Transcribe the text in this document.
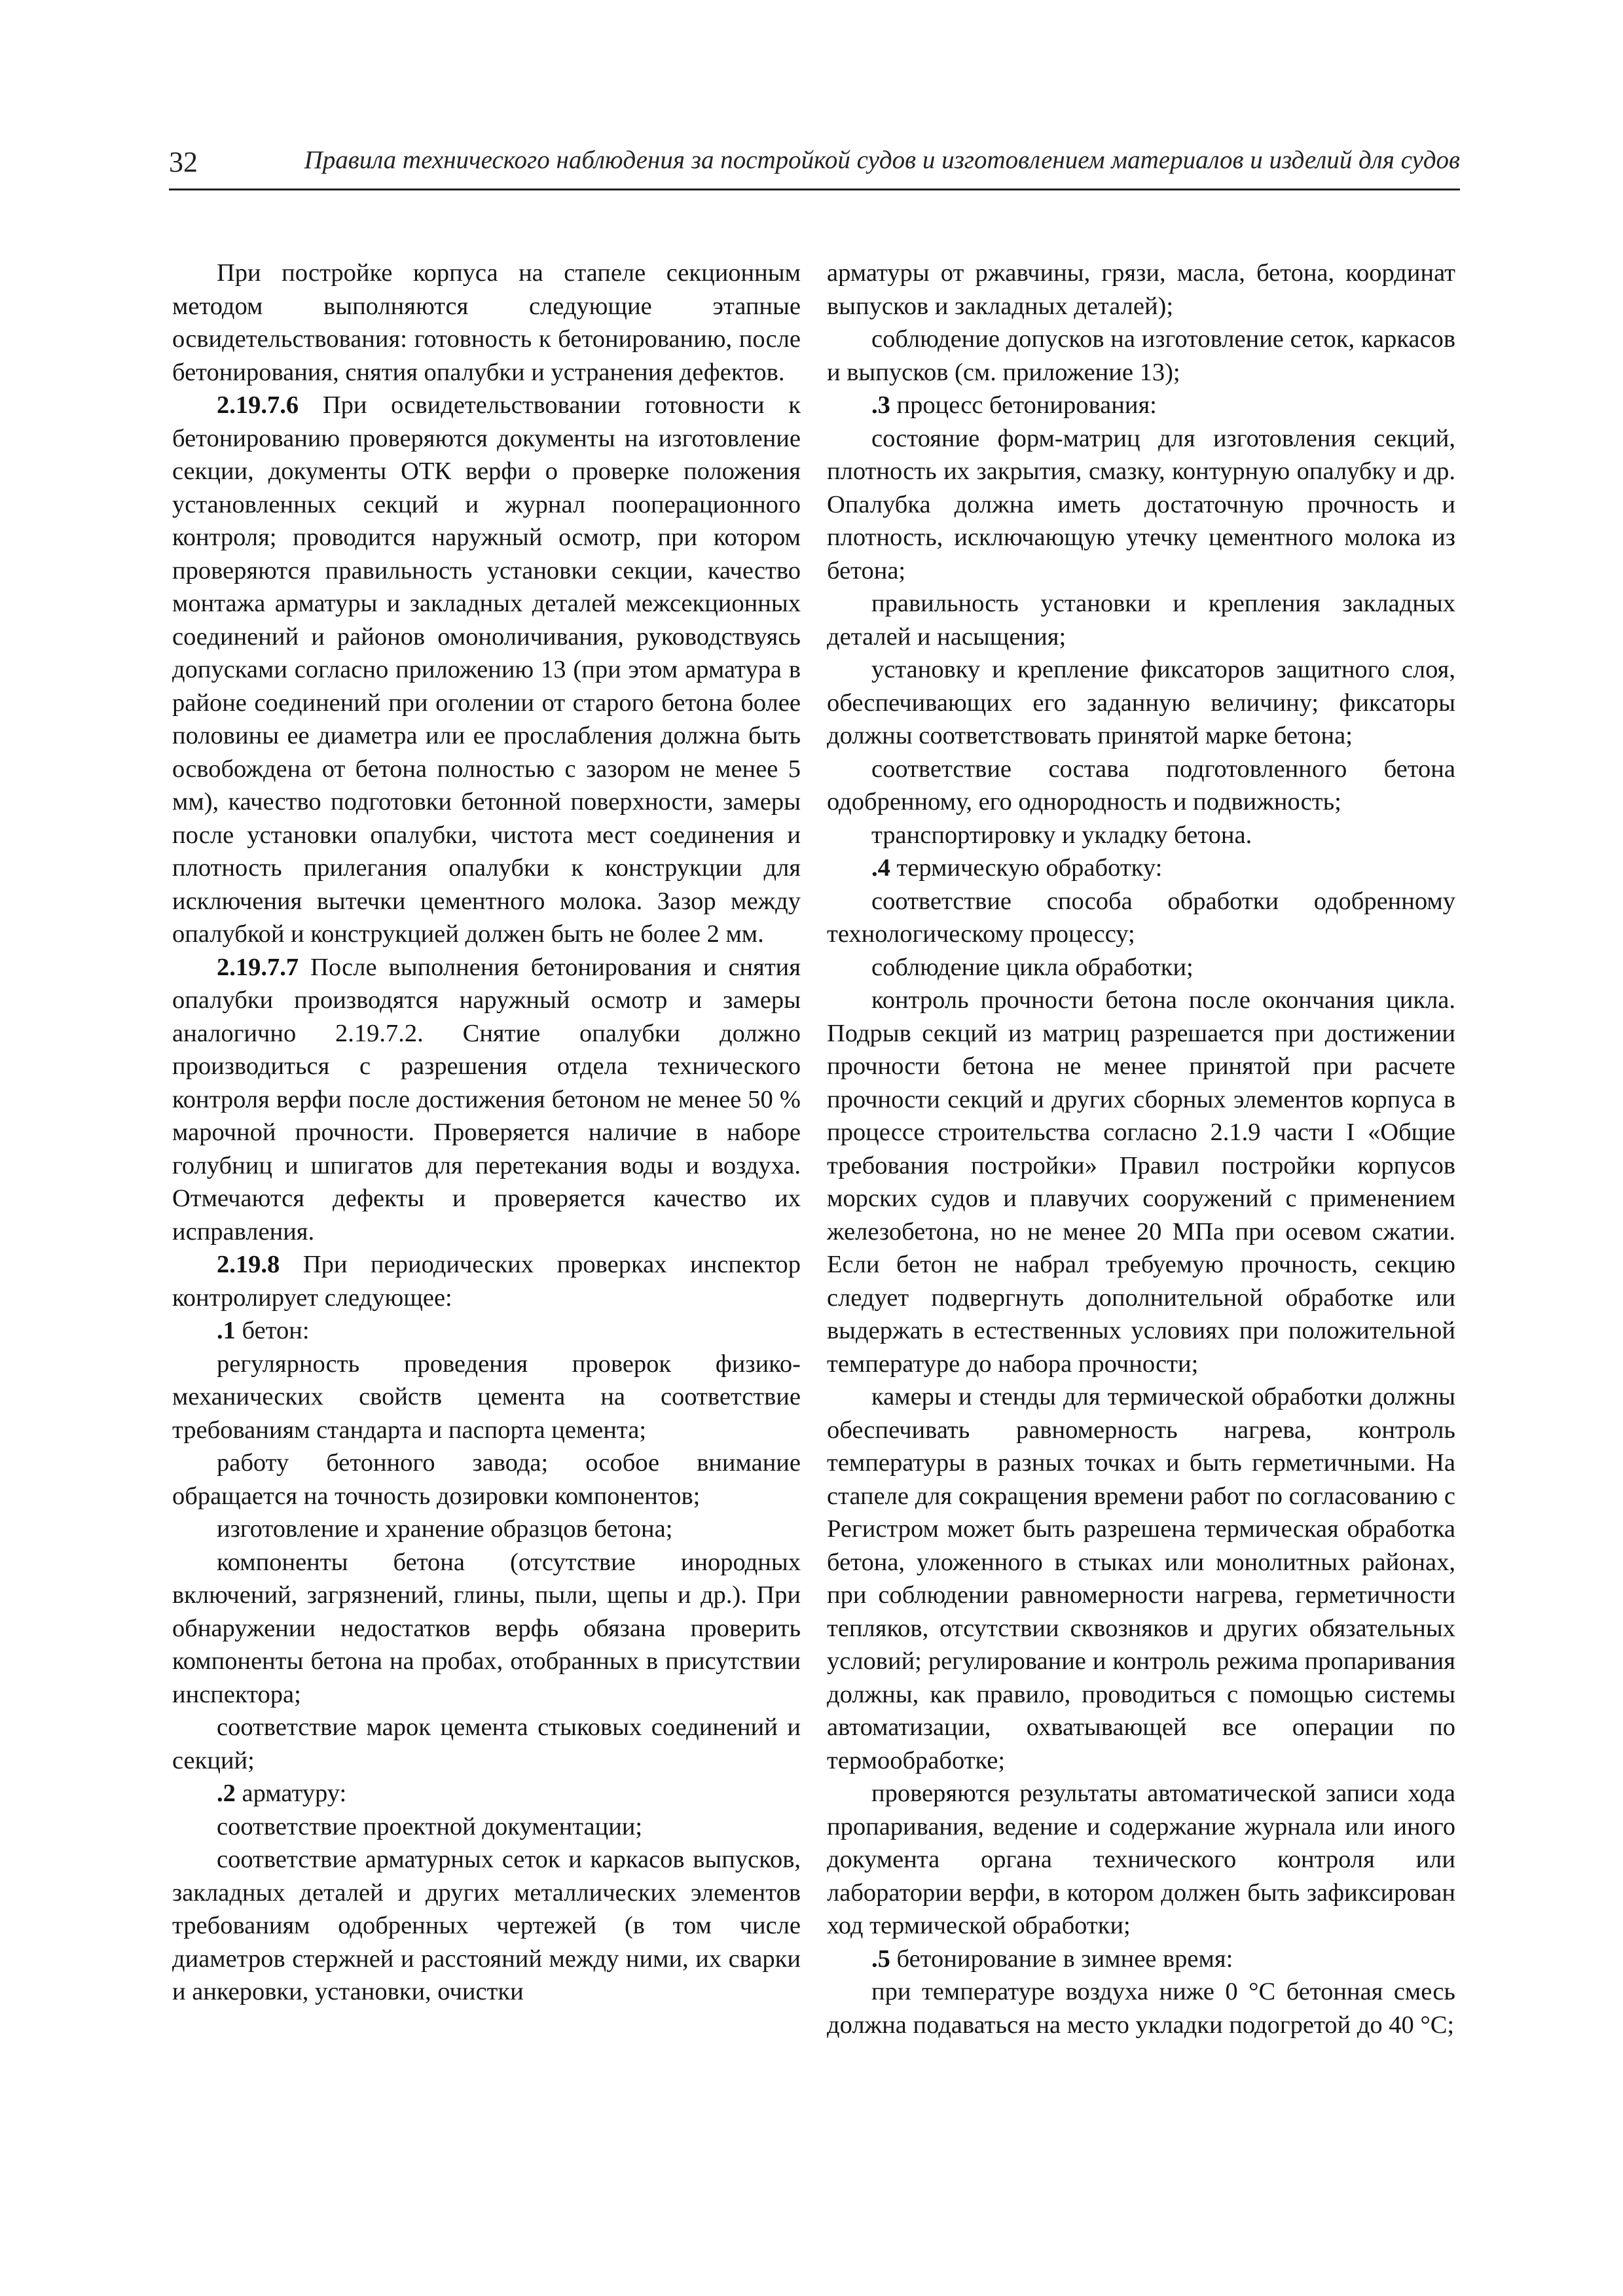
32	Правила технического наблюдения за постройкой судов и изготовлением материалов и изделий для судов

При постройке корпуса на стапеле секционным методом выполняются следующие этапные освидетельствования: готовность к бетонированию, после бетонирования, снятия опалубки и устранения дефектов.

2.19.7.6 При освидетельствовании готовности к бетонированию проверяются документы на изготовление секции, документы ОТК верфи о проверке положения установленных секций и журнал пооперационного контроля; проводится наружный осмотр, при котором проверяются правильность установки секции, качество монтажа арматуры и закладных деталей межсекционных соединений и районов омоноличивания, руководствуясь допусками согласно приложению 13 (при этом арматура в районе соединений при оголении от старого бетона более половины ее диаметра или ее прослабления должна быть освобождена от бетона полностью с зазором не менее 5 мм), качество подготовки бетонной поверхности, замеры после установки опалубки, чистота мест соединения и плотность прилегания опалубки к конструкции для исключения вытечки цементного молока. Зазор между опалубкой и конструкцией должен быть не более 2 мм.

2.19.7.7 После выполнения бетонирования и снятия опалубки производятся наружный осмотр и замеры аналогично 2.19.7.2. Снятие опалубки должно производиться с разрешения отдела технического контроля верфи после достижения бетоном не менее 50 % марочной прочности. Проверяется наличие в наборе голубниц и шпигатов для перетекания воды и воздуха. Отмечаются дефекты и проверяется качество их исправления.

2.19.8 При периодических проверках инспектор контролирует следующее:

.1 бетон:

регулярность проведения проверок физико-механических свойств цемента на соответствие требованиям стандарта и паспорта цемента;

работу бетонного завода; особое внимание обращается на точность дозировки компонентов;

изготовление и хранение образцов бетона;

компоненты бетона (отсутствие инородных включений, загрязнений, глины, пыли, щепы и др.). При обнаружении недостатков верфь обязана проверить компоненты бетона на пробах, отобранных в присутствии инспектора;

соответствие марок цемента стыковых соединений и секций;

.2 арматуру:

соответствие проектной документации;

соответствие арматурных сеток и каркасов выпусков, закладных деталей и других металлических элементов требованиям одобренных чертежей (в том числе диаметров стержней и расстояний между ними, их сварки и анкеровки, установки, очистки

арматуры от ржавчины, грязи, масла, бетона, координат выпусков и закладных деталей);

соблюдение допусков на изготовление сеток, каркасов и выпусков (см. приложение 13);

.3 процесс бетонирования:

состояние форм-матриц для изготовления секций, плотность их закрытия, смазку, контурную опалубку и др. Опалубка должна иметь достаточную прочность и плотность, исключающую утечку цементного молока из бетона;

правильность установки и крепления закладных деталей и насыщения;

установку и крепление фиксаторов защитного слоя, обеспечивающих его заданную величину; фиксаторы должны соответствовать принятой марке бетона;

соответствие состава подготовленного бетона одобренному, его однородность и подвижность;

транспортировку и укладку бетона.

.4 термическую обработку:

соответствие способа обработки одобренному технологическому процессу;

соблюдение цикла обработки;

контроль прочности бетона после окончания цикла. Подрыв секций из матриц разрешается при достижении прочности бетона не менее принятой при расчете прочности секций и других сборных элементов корпуса в процессе строительства согласно 2.1.9 части I «Общие требования постройки» Правил постройки корпусов морских судов и плавучих сооружений с применением железобетона, но не менее 20 МПа при осевом сжатии. Если бетон не набрал требуемую прочность, секцию следует подвергнуть дополнительной обработке или выдержать в естественных условиях при положительной температуре до набора прочности;

камеры и стенды для термической обработки должны обеспечивать равномерность нагрева, контроль температуры в разных точках и быть герметичными. На стапеле для сокращения времени работ по согласованию с Регистром может быть разрешена термическая обработка бетона, уложенного в стыках или монолитных районах, при соблюдении равномерности нагрева, герметичности тепляков, отсутствии сквозняков и других обязательных условий; регулирование и контроль режима пропаривания должны, как правило, проводиться с помощью системы автоматизации, охватывающей все операции по термообработке;

проверяются результаты автоматической записи хода пропаривания, ведение и содержание журнала или иного документа органа технического контроля или лаборатории верфи, в котором должен быть зафиксирован ход термической обработки;

.5 бетонирование в зимнее время:

при температуре воздуха ниже 0 °С бетонная смесь должна подаваться на место укладки подогретой до 40 °С;
